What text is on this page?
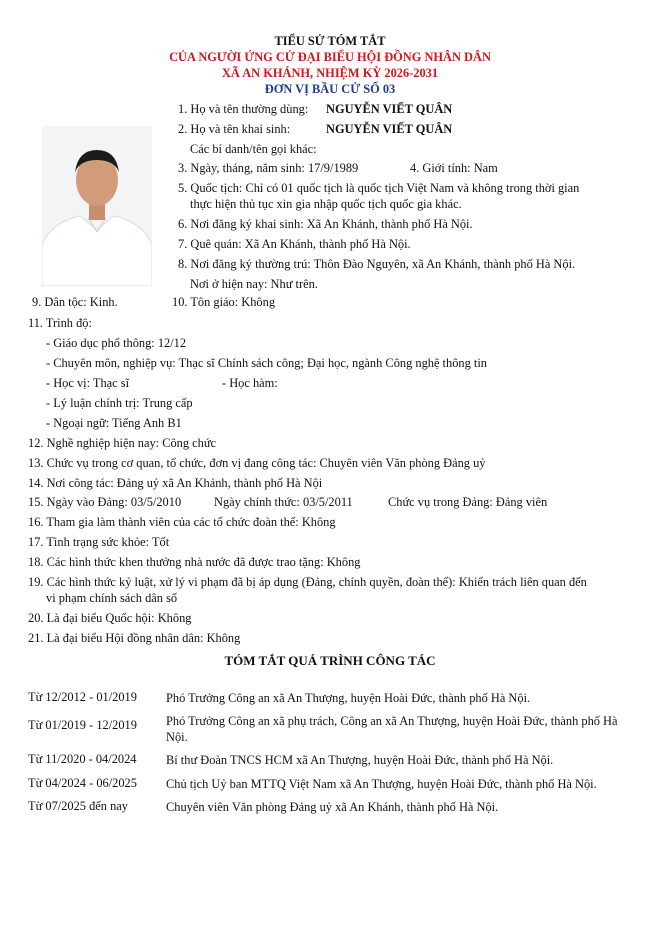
TIỂU SỬ TÓM TẮT
CỦA NGƯỜI ỨNG CỬ ĐẠI BIỂU HỘI ĐỒNG NHÂN DÂN
XÃ AN KHÁNH, NHIỆM KỲ 2026-2031
ĐƠN VỊ BẦU CỬ SỐ 03
1. Họ và tên thường dùng: NGUYỄN VIẾT QUÂN
2. Họ và tên khai sinh:	NGUYỄN VIẾT QUÂN
Các bí danh/tên gọi khác:
3. Ngày, tháng, năm sinh: 17/9/1989	4. Giới tính: Nam
5. Quốc tịch: Chỉ có 01 quốc tịch là quốc tịch Việt Nam và không trong thời gian
thực hiện thủ tục xin gia nhập quốc tịch quốc gia khác.
6. Nơi đăng ký khai sinh: Xã An Khánh, thành phố Hà Nội.
7. Quê quán: Xã An Khánh, thành phố Hà Nội.
8. Nơi đăng ký thường trú: Thôn Đào Nguyên, xã An Khánh, thành phố Hà Nội.
Nơi ở hiện nay: Như trên.
9. Dân tộc: Kinh.	10. Tôn giáo: Không
11. Trình độ:
- Giáo dục phổ thông: 12/12
- Chuyên môn, nghiệp vụ: Thạc sĩ Chính sách công; Đại học, ngành Công nghệ thông tin
- Học vị: Thạc sĩ	- Học hàm:
- Lý luận chính trị: Trung cấp
- Ngoại ngữ: Tiếng Anh B1
12. Nghề nghiệp hiện nay: Công chức
13. Chức vụ trong cơ quan, tổ chức, đơn vị đang công tác: Chuyên viên Văn phòng Đảng uỷ
14. Nơi công tác: Đảng uỷ xã An Khánh, thành phố Hà Nội
15. Ngày vào Đảng: 03/5/2010	Ngày chính thức: 03/5/2011	Chức vụ trong Đảng: Đảng viên
16. Tham gia làm thành viên của các tổ chức đoàn thể: Không
17. Tình trạng sức khỏe: Tốt
18. Các hình thức khen thưởng nhà nước đã được trao tặng: Không
19. Các hình thức kỷ luật, xử lý vi phạm đã bị áp dụng (Đảng, chính quyền, đoàn thể): Khiển trách liên quan đến
vi phạm chính sách dân số
20. Là đại biểu Quốc hội: Không
21. Là đại biểu Hội đồng nhân dân: Không
TÓM TẮT QUÁ TRÌNH CÔNG TÁC
Từ 12/2012 - 01/2019 Phó Trưởng Công an xã An Thượng, huyện Hoài Đức, thành phố Hà Nội.
Từ 01/2019 - 12/2019 Phó Trưởng Công an xã phụ trách, Công an xã An Thượng, huyện Hoài Đức, thành phố Hà Nội.
Từ 11/2020 - 04/2024 Bí thư Đoàn TNCS HCM xã An Thượng, huyện Hoài Đức, thành phố Hà Nội.
Từ 04/2024 - 06/2025 Chủ tịch Uỷ ban MTTQ Việt Nam xã An Thượng, huyện Hoài Đức, thành phố Hà Nội.
Từ 07/2025 đến nay	Chuyên viên Văn phòng Đảng uỷ xã An Khánh, thành phố Hà Nội.
